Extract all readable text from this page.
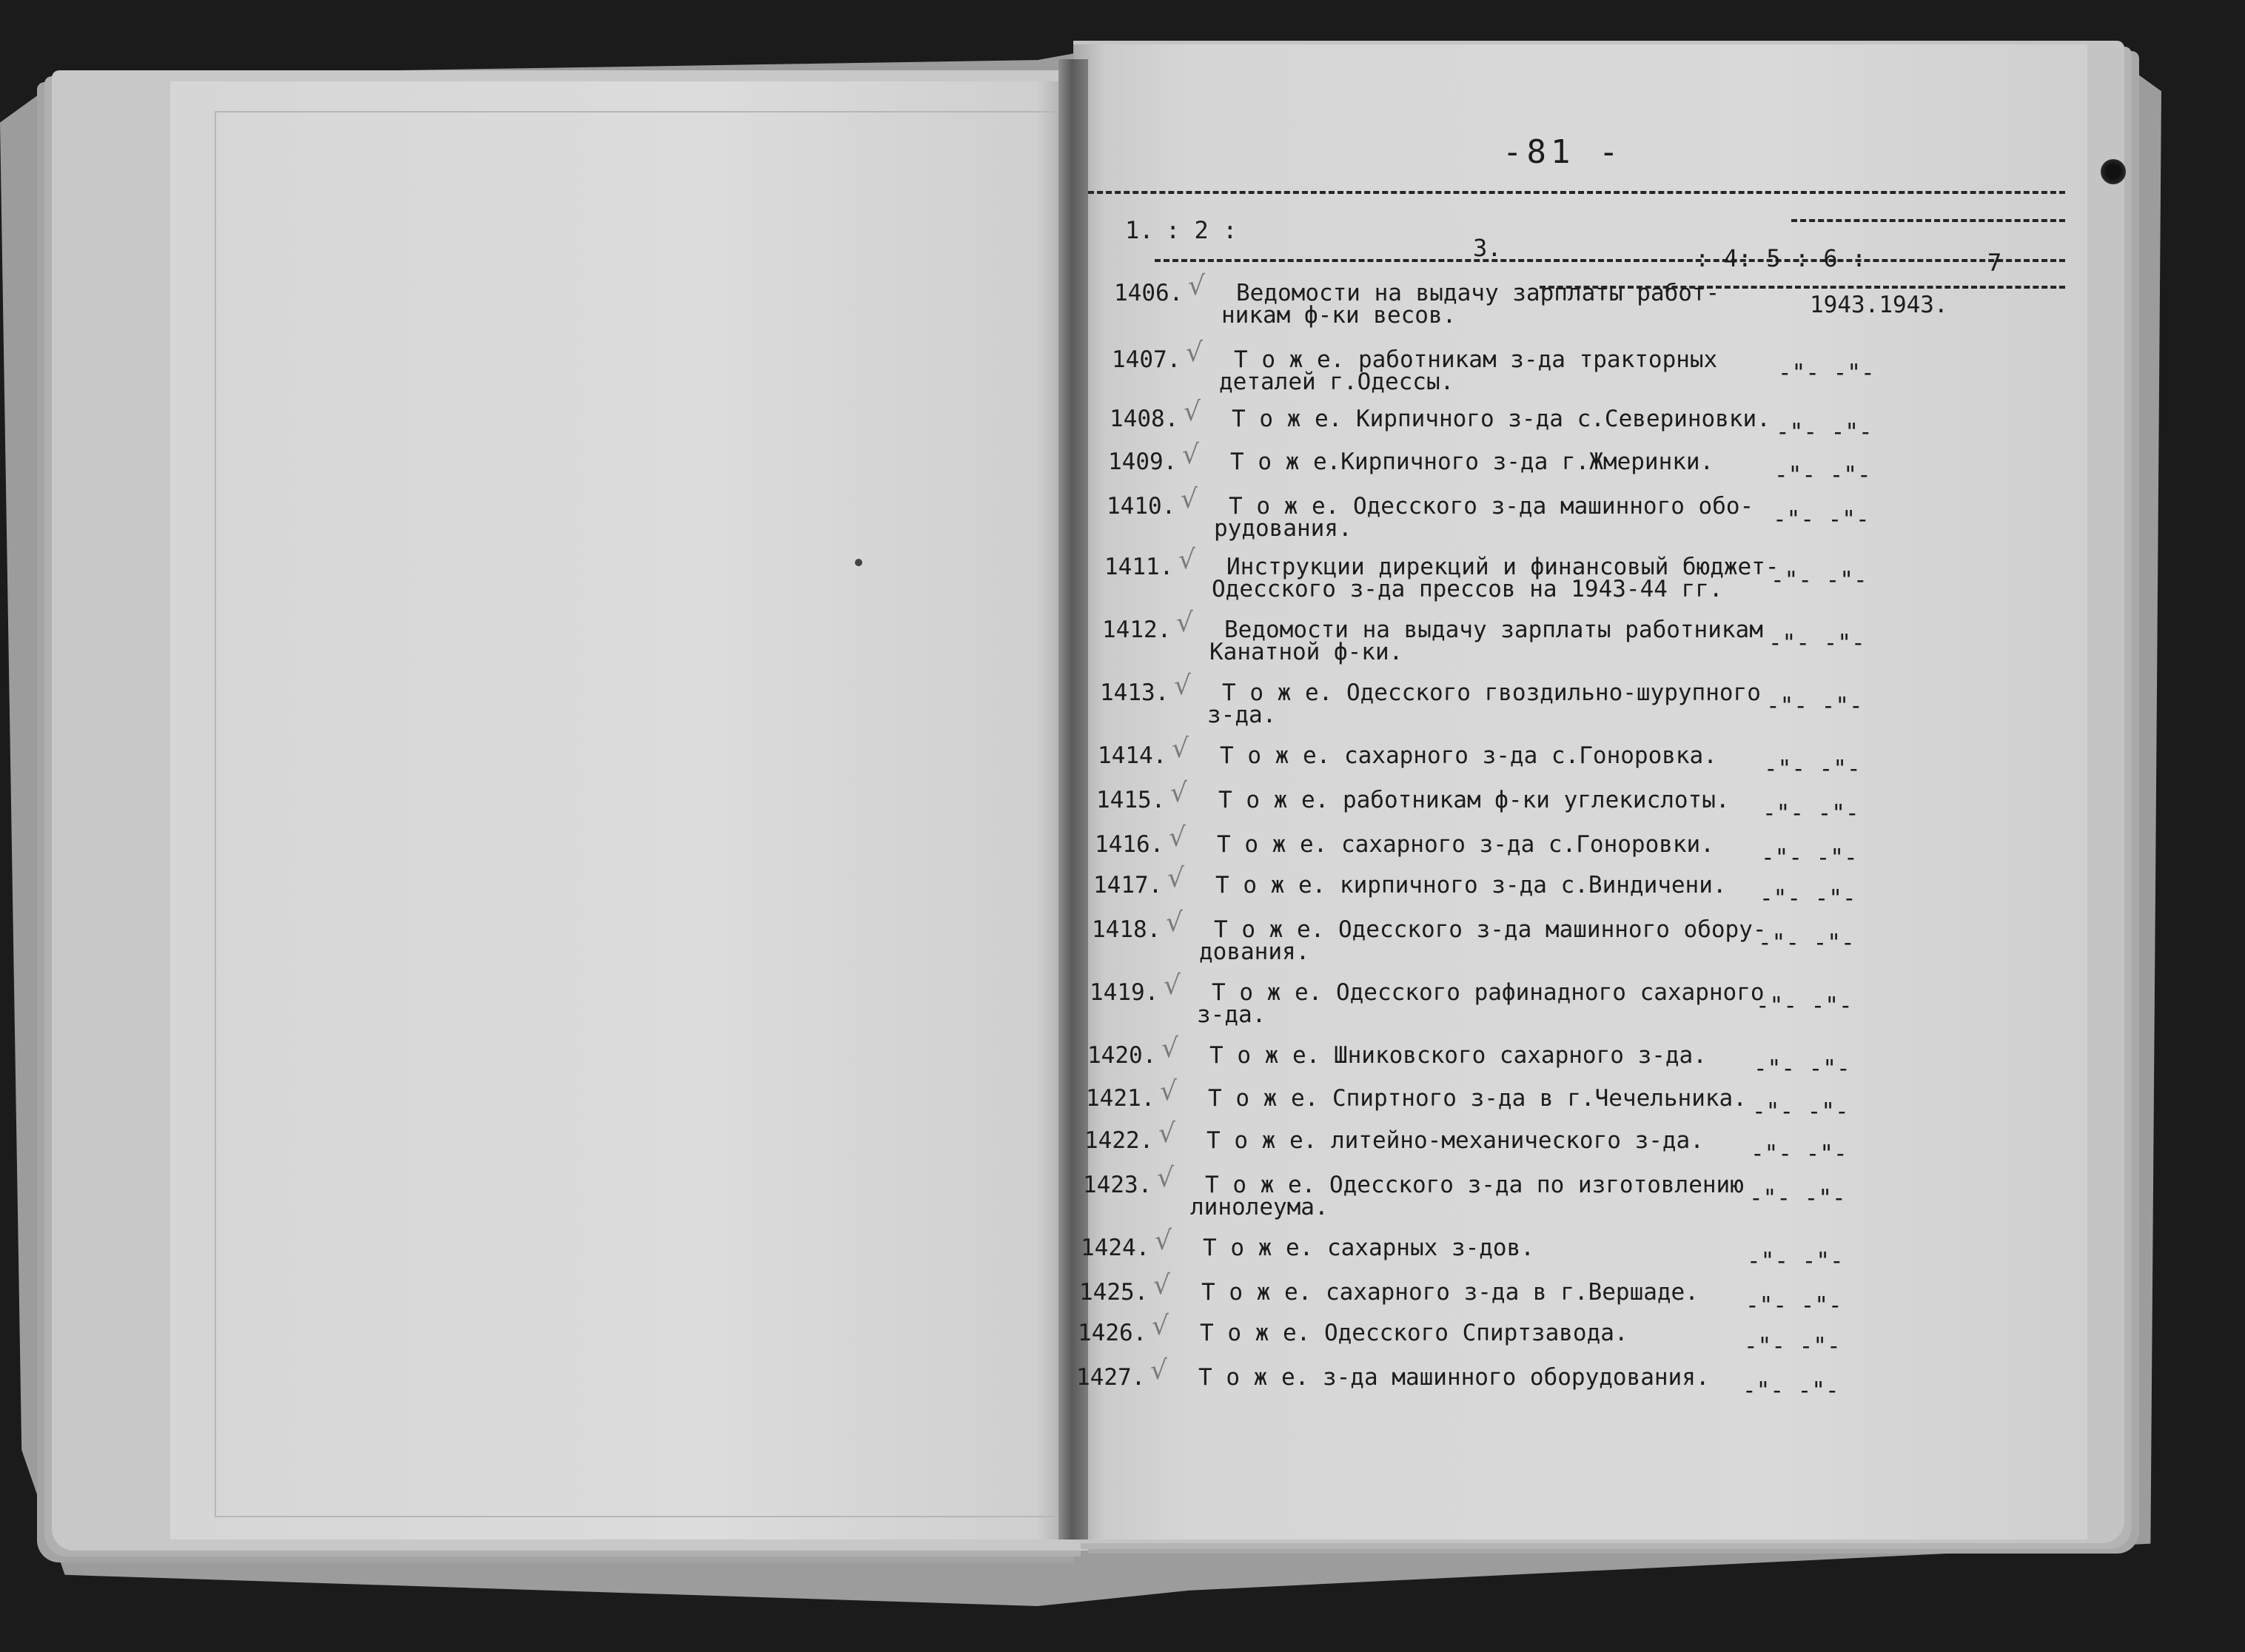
-81 -
1. : 2 :
3.	: 4: 5 : 6 :	7
1406. √ Ведомости на выдачу зарплаты работ-
никам ф-ки весов.	1943.1943.
1407. √ Т о ж е. работникам з-да тракторных
деталей г.Одессы.	-"- -"-
1408. √ Т о ж е. Кирпичного з-да с.Севериновки. -"- -"-
1409. √ Т о ж е.Кирпичного з-да г.Жмеринки.	-"- -"-
1410. √ Т о ж е. Одесского з-да машинного обо-
рудования.	-"- -"-
1411. √ Инструкции дирекций и финансовый бюджет-
Одесского з-да прессов на 1943-44 гг. -"- -"-
1412. √ Ведомости на выдачу зарплаты работникам
Канатной ф-ки.	-"- -"-
1413. √ Т о ж е. Одесского гвоздильно-шурупного
з-да.	-"- -"-
1414. √ Т о ж е. сахарного з-да с.Гоноровка. -"- -"-
1415. √ Т о ж е. работникам ф-ки углекислоты. -"- -"-
1416. √ Т о ж е. сахарного з-да с.Гоноровки. -"- -"-
1417. √ Т о ж е. кирпичного з-да с.Виндичени. -"- -"-
1418. √ Т о ж е. Одесского з-да машинного обору-
дования.	-"- -"-
1419. √ Т о ж е. Одесского рафинадного сахарного
з-да.	-"- -"-
1420. √ Т о ж е. Шниковского сахарного з-да. -"- -"-
1421. √ Т о ж е. Спиртного з-да в г.Чечельника. -"- -"-
1422. √ Т о ж е. литейно-механического з-да. -"- -"-
1423. √ Т о ж е. Одесского з-да по изготовлению
линолеума.	-"- -"-
1424. √ Т о ж е. сахарных з-дов.	-"- -"-
1425. √ Т о ж е. сахарного з-да в г.Вершаде. -"- -"-
1426. √ Т о ж е. Одесского Спиртзавода.	-"- -"-
1427. √ Т о ж е. з-да машинного оборудования. -"- -"-
